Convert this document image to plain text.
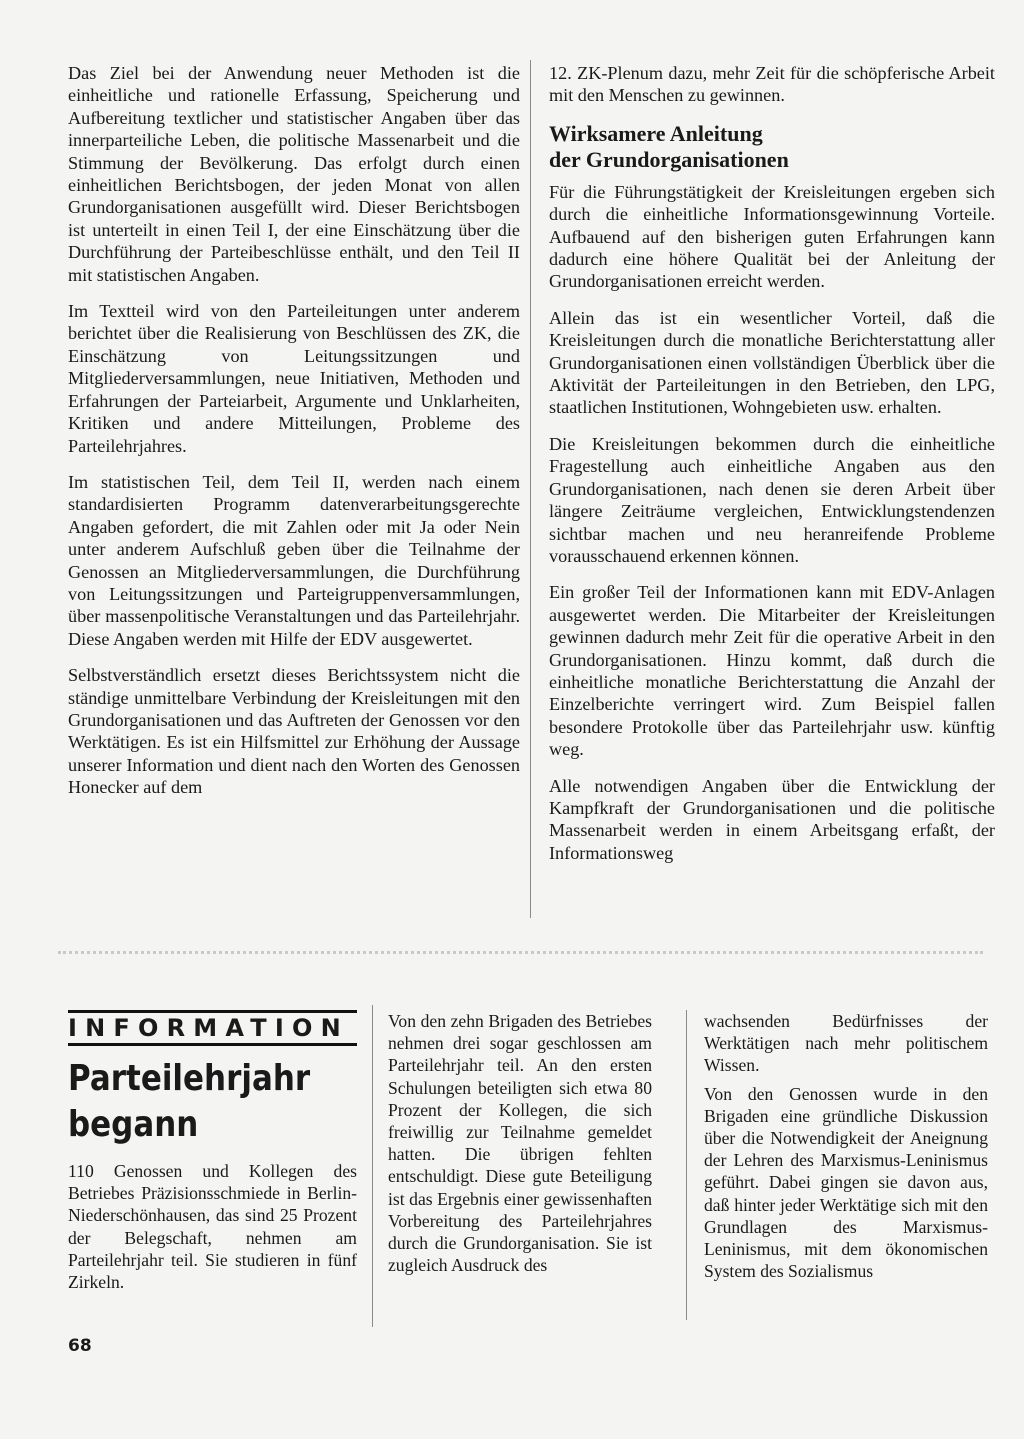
Das Ziel bei der Anwendung neuer Methoden ist die einheitliche und rationelle Erfassung, Speicherung und Aufbereitung textlicher und statistischer Angaben über das innerparteiliche Leben, die politische Massenarbeit und die Stimmung der Bevölkerung. Das erfolgt durch einen einheitlichen Berichtsbogen, der jeden Monat von allen Grundorganisationen ausgefüllt wird. Dieser Berichtsbogen ist unterteilt in einen Teil I, der eine Einschätzung über die Durchführung der Parteibeschlüsse enthält, und den Teil II mit statistischen Angaben.

Im Textteil wird von den Parteileitungen unter anderem berichtet über die Realisierung von Beschlüssen des ZK, die Einschätzung von Leitungssitzungen und Mitgliederversammlungen, neue Initiativen, Methoden und Erfahrungen der Parteiarbeit, Argumente und Unklarheiten, Kritiken und andere Mitteilungen, Probleme des Parteilehrjahres.

Im statistischen Teil, dem Teil II, werden nach einem standardisierten Programm datenverarbeitungsgerechte Angaben gefordert, die mit Zahlen oder mit Ja oder Nein unter anderem Aufschluß geben über die Teilnahme der Genossen an Mitgliederversammlungen, die Durchführung von Leitungssitzungen und Parteigruppenversammlungen, über massenpolitische Veranstaltungen und das Parteilehrjahr. Diese Angaben werden mit Hilfe der EDV ausgewertet.

Selbstverständlich ersetzt dieses Berichtssystem nicht die ständige unmittelbare Verbindung der Kreisleitungen mit den Grundorganisationen und das Auftreten der Genossen vor den Werktätigen. Es ist ein Hilfsmittel zur Erhöhung der Aussage unserer Information und dient nach den Worten des Genossen Honecker auf dem

12. ZK-Plenum dazu, mehr Zeit für die schöpferische Arbeit mit den Menschen zu gewinnen.

Wirksamere Anleitung
der Grundorganisationen

Für die Führungstätigkeit der Kreisleitungen ergeben sich durch die einheitliche Informationsgewinnung Vorteile. Aufbauend auf den bisherigen guten Erfahrungen kann dadurch eine höhere Qualität bei der Anleitung der Grundorganisationen erreicht werden.

Allein das ist ein wesentlicher Vorteil, daß die Kreisleitungen durch die monatliche Berichterstattung aller Grundorganisationen einen vollständigen Überblick über die Aktivität der Parteileitungen in den Betrieben, den LPG, staatlichen Institutionen, Wohngebieten usw. erhalten.

Die Kreisleitungen bekommen durch die einheitliche Fragestellung auch einheitliche Angaben aus den Grundorganisationen, nach denen sie deren Arbeit über längere Zeiträume vergleichen, Entwicklungstendenzen sichtbar machen und neu heranreifende Probleme vorausschauend erkennen können.

Ein großer Teil der Informationen kann mit EDV-Anlagen ausgewertet werden. Die Mitarbeiter der Kreisleitungen gewinnen dadurch mehr Zeit für die operative Arbeit in den Grundorganisationen. Hinzu kommt, daß durch die einheitliche monatliche Berichterstattung die Anzahl der Einzelberichte verringert wird. Zum Beispiel fallen besondere Protokolle über das Parteilehrjahr usw. künftig weg.

Alle notwendigen Angaben über die Entwicklung der Kampfkraft der Grundorganisationen und die politische Massenarbeit werden in einem Arbeitsgang erfaßt, der Informationsweg

INFORMATION
Parteilehrjahr
begann

110 Genossen und Kollegen des Betriebes Präzisionsschmiede in Berlin-Niederschönhausen, das sind 25 Prozent der Belegschaft, nehmen am Parteilehrjahr teil. Sie studieren in fünf Zirkeln.

Von den zehn Brigaden des Betriebes nehmen drei sogar geschlossen am Parteilehrjahr teil. An den ersten Schulungen beteiligten sich etwa 80 Prozent der Kollegen, die sich freiwillig zur Teilnahme gemeldet hatten. Die übrigen fehlten entschuldigt. Diese gute Beteiligung ist das Ergebnis einer gewissenhaften Vorbereitung des Parteilehrjahres durch die Grundorganisation. Sie ist zugleich Ausdruck des

wachsenden Bedürfnisses der Werktätigen nach mehr politischem Wissen.

Von den Genossen wurde in den Brigaden eine gründliche Diskussion über die Notwendigkeit der Aneignung der Lehren des Marxismus-Leninismus geführt. Dabei gingen sie davon aus, daß hinter jeder Werktätige sich mit den Grundlagen des Marxismus-Leninismus, mit dem ökonomischen System des Sozialismus

68
